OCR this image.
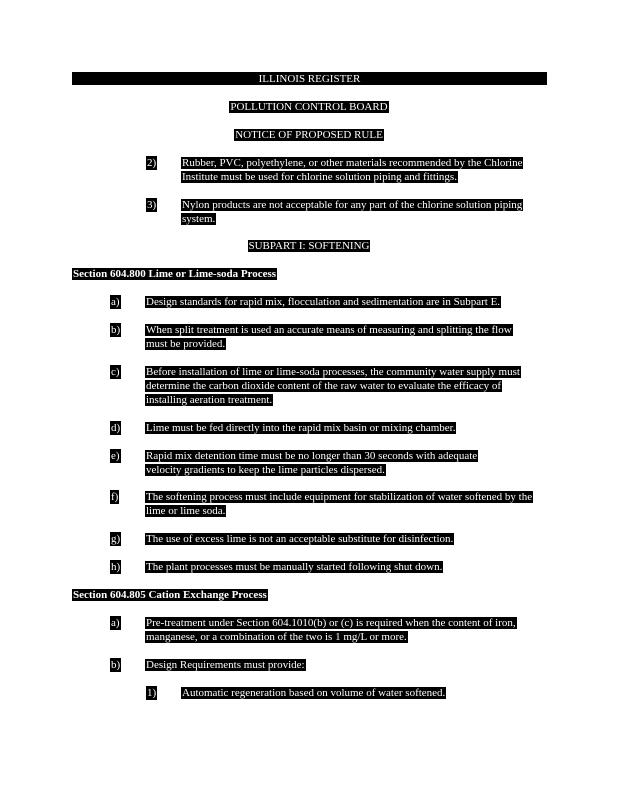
ILLINOIS REGISTER
POLLUTION CONTROL BOARD
NOTICE OF PROPOSED RULE
2) Rubber, PVC, polyethylene, or other materials recommended by the Chlorine Institute must be used for chlorine solution piping and fittings.
3) Nylon products are not acceptable for any part of the chlorine solution piping system.
SUBPART I: SOFTENING
Section 604.800 Lime or Lime-soda Process
a) Design standards for rapid mix, flocculation and sedimentation are in Subpart E.
b) When split treatment is used an accurate means of measuring and splitting the flow must be provided.
c) Before installation of lime or lime-soda processes, the community water supply must determine the carbon dioxide content of the raw water to evaluate the efficacy of installing aeration treatment.
d) Lime must be fed directly into the rapid mix basin or mixing chamber.
e) Rapid mix detention time must be no longer than 30 seconds with adequate velocity gradients to keep the lime particles dispersed.
f)	The softening process must include equipment for stabilization of water softened by the lime or lime soda.
g) The use of excess lime is not an acceptable substitute for disinfection.
h) The plant processes must be manually started following shut down.
Section 604.805 Cation Exchange Process
a) Pre-treatment under Section 604.1010(b) or (c) is required when the content of iron, manganese, or a combination of the two is 1 mg/L or more.
b) Design Requirements must provide:
1) Automatic regeneration based on volume of water softened.
